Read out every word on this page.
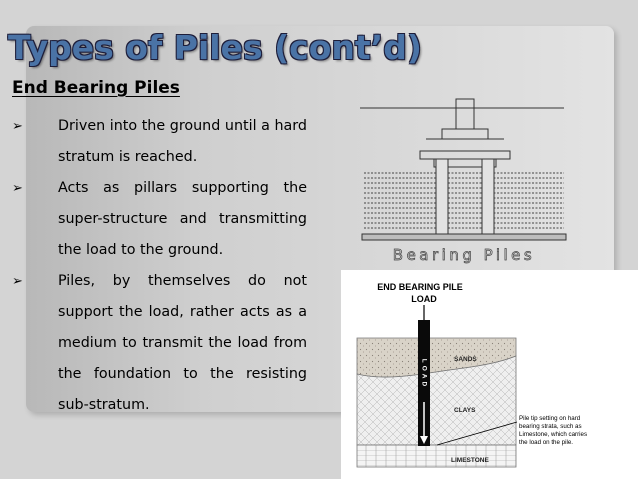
Types of Piles (cont’d)
End Bearing Piles
➢ Driven into the ground until a hard stratum is reached.
➢ Acts as pillars supporting the super-structure and transmitting the load to the ground.
➢ Piles, by themselves do not support the load, rather acts as a medium to transmit the load from the foundation to the resisting sub-stratum.
Bearing Piles
END BEARING PILE
LOAD
LOAD	SANDS
CLAYS
LIMESTONE
Pile tip setting on hard
bearing strata, such as
Limestone, which carries
the load on the pile.
